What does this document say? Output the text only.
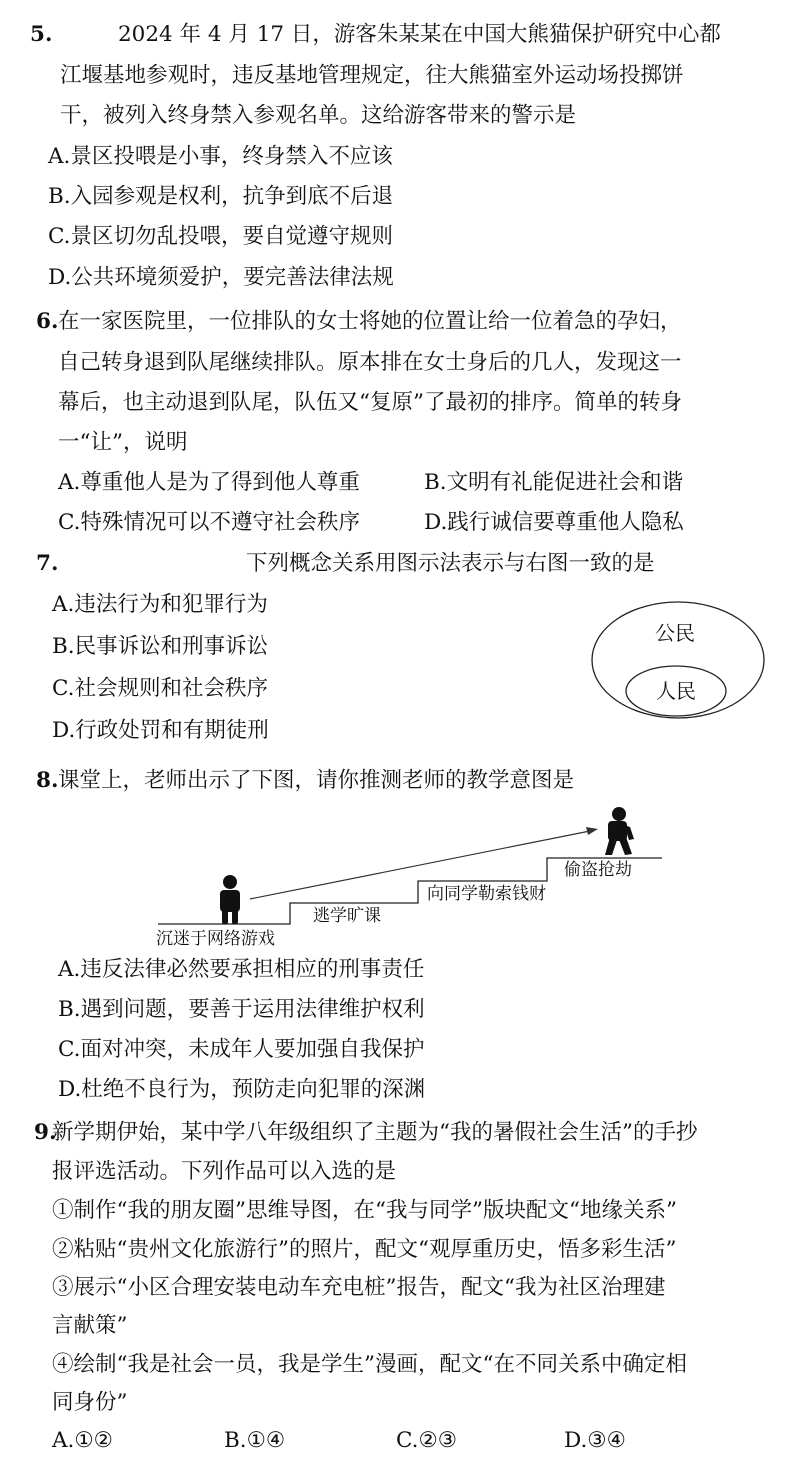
5.	2024 年 4 月 17 日，游客朱某某在中国大熊猫保护研究中心都
江堰基地参观时，违反基地管理规定，往大熊猫室外运动场投掷饼
干，被列入终身禁入参观名单。这给游客带来的警示是
A.景区投喂是小事，终身禁入不应该
B.入园参观是权利，抗争到底不后退
C.景区切勿乱投喂，要自觉遵守规则
D.公共环境须爱护，要完善法律法规
6. 在一家医院里，一位排队的女士将她的位置让给一位着急的孕妇，
自己转身退到队尾继续排队。原本排在女士身后的几人，发现这一
幕后，也主动退到队尾，队伍又“复原”了最初的排序。简单的转身
一“让”，说明
A.尊重他人是为了得到他人尊重	B.文明有礼能促进社会和谐
C.特殊情况可以不遵守社会秩序	D.践行诚信要尊重他人隐私
7.	下列概念关系用图示法表示与右图一致的是
A.违法行为和犯罪行为
B.民事诉讼和刑事诉讼
C.社会规则和社会秩序
D.行政处罚和有期徒刑
公民
人民
8. 课堂上，老师出示了下图，请你推测老师的教学意图是
沉迷于网络游戏
逃学旷课
向同学勒索钱财
偷盗抢劫
A.违反法律必然要承担相应的刑事责任
B.遇到问题，要善于运用法律维护权利
C.面对冲突，未成年人要加强自我保护
D.杜绝不良行为，预防走向犯罪的深渊
9.
新学期伊始，某中学八年级组织了主题为“我的暑假社会生活”的手抄
报评选活动。下列作品可以入选的是
①制作“我的朋友圈”思维导图，在“我与同学”版块配文“地缘关系”
②粘贴“贵州文化旅游行”的照片，配文“观厚重历史，悟多彩生活”
③展示“小区合理安装电动车充电桩”报告，配文“我为社区治理建
言献策”
④绘制“我是社会一员，我是学生”漫画，配文“在不同关系中确定相
同身份”
A.①②	B.①④	C.②③	D.③④
